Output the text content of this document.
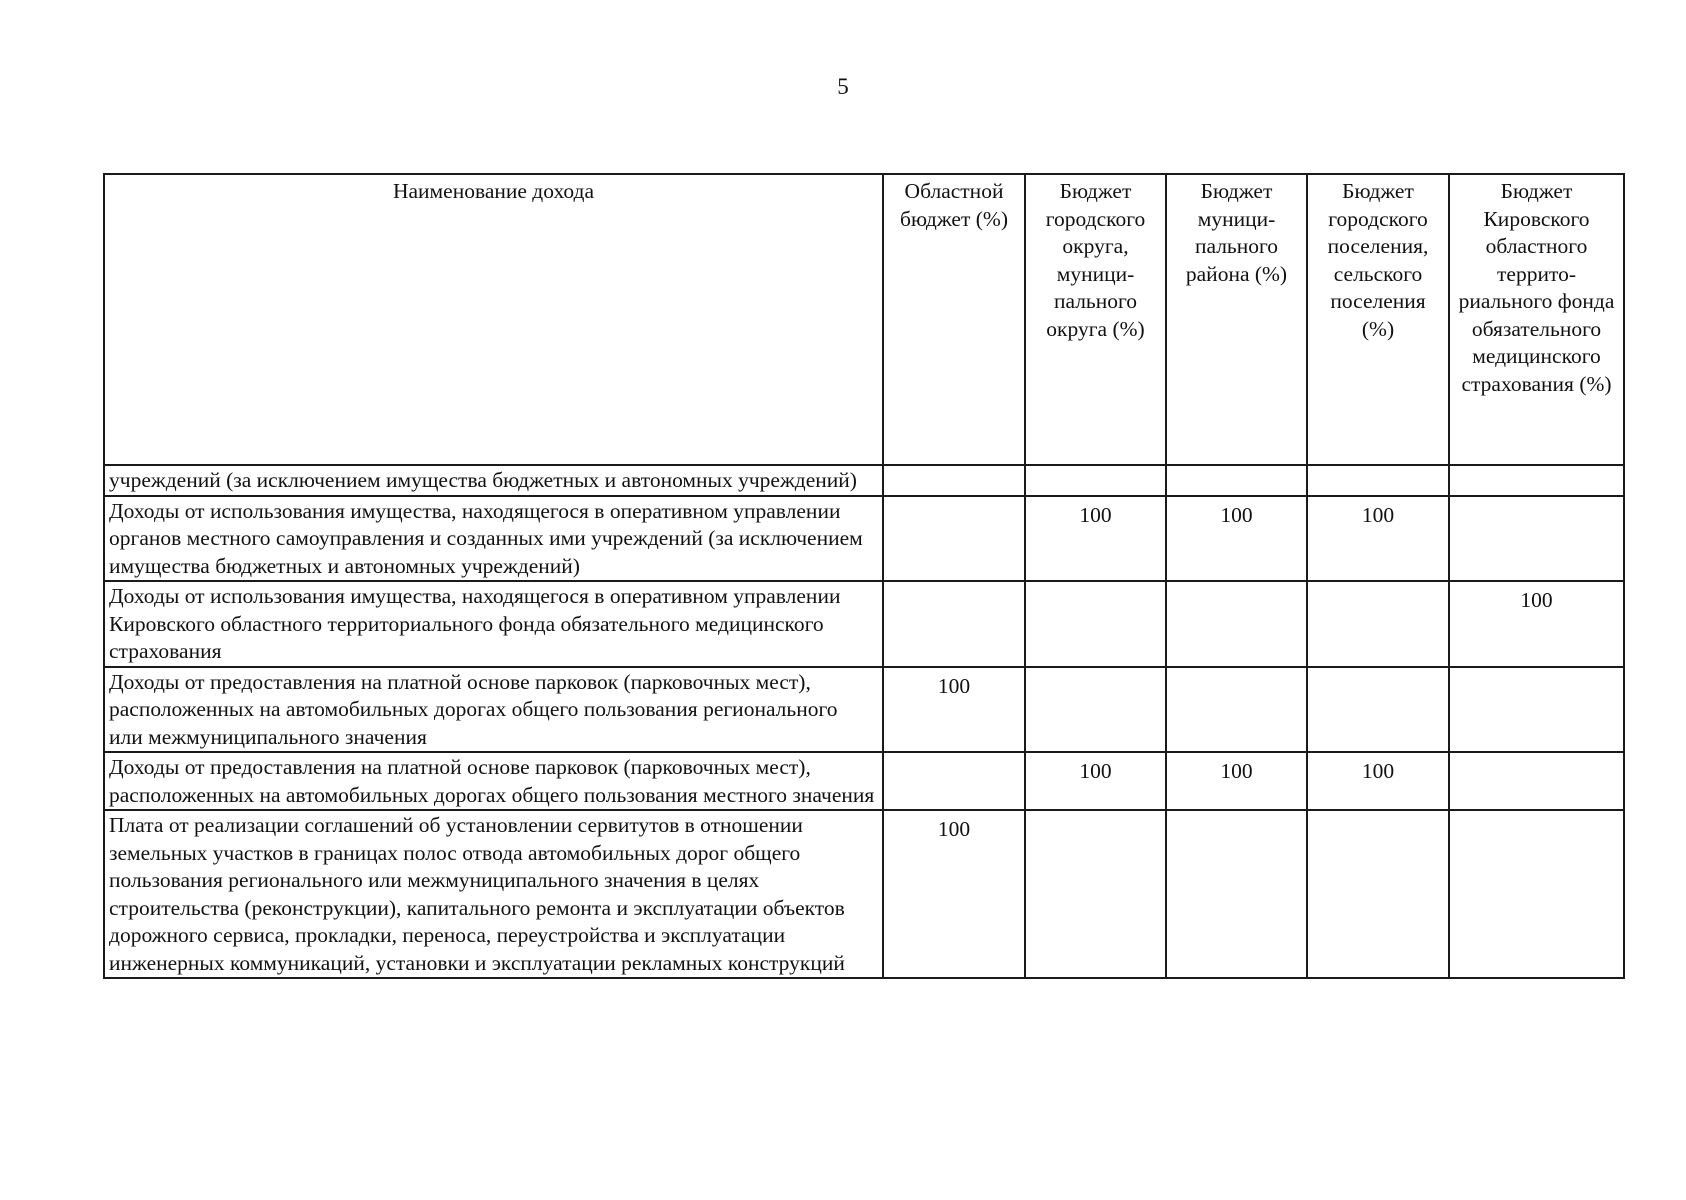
5
Наименование дохода	Областной бюджет (%)	Бюджет городского округа, муници-пального округа (%)	Бюджет муници-пального района (%)	Бюджет городского поселения, сельского поселения (%)	Бюджет Кировского областного террито-риального фонда обязательного медицинского страхования (%)
учреждений (за исключением имущества бюджетных и автономных учреждений)					
Доходы от использования имущества, находящегося в оперативном управлении органов местного самоуправления и созданных ими учреждений (за исключением имущества бюджетных и автономных учреждений)		100	100	100	
Доходы от использования имущества, находящегося в оперативном управлении Кировского областного территориального фонда обязательного медицинского страхования					100
Доходы от предоставления на платной основе парковок (парковочных мест), расположенных на автомобильных дорогах общего пользования регионального или межмуниципального значения	100				
Доходы от предоставления на платной основе парковок (парковочных мест), расположенных на автомобильных дорогах общего пользования местного значения		100	100	100	
Плата от реализации соглашений об установлении сервитутов в отношении земельных участков в границах полос отвода автомобильных дорог общего пользования регионального или межмуниципального значения в целях строительства (реконструкции), капитального ремонта и эксплуатации объектов дорожного сервиса, прокладки, переноса, переустройства и эксплуатации инженерных коммуникаций, установки и эксплуатации рекламных конструкций	100				
